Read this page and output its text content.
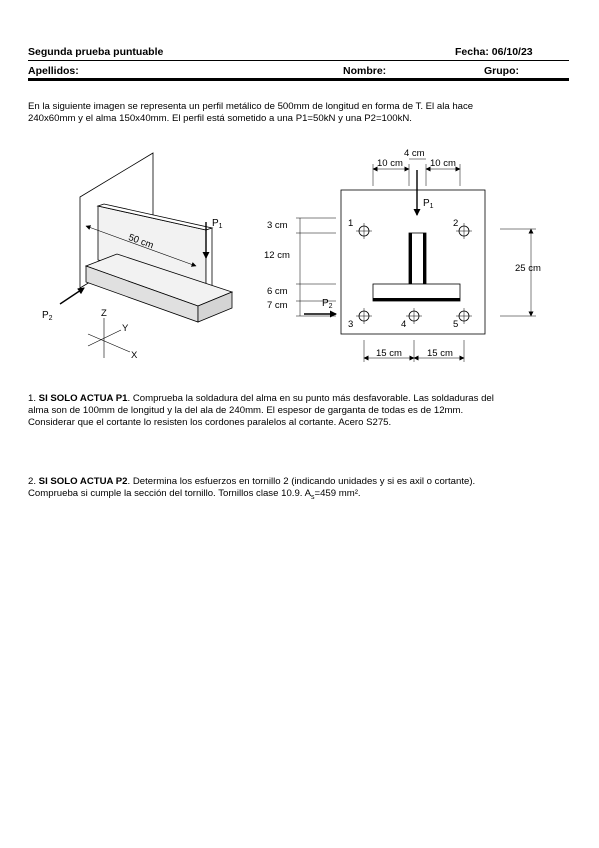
Segunda prueba puntuable	Fecha: 06/10/23
Apellidos:	Nombre:	Grupo:
En la siguiente imagen se representa un perfil metálico de 500mm de longitud en forma de T. El ala hace
240x60mm y el alma 150x40mm. El perfil está sometido a una P1=50kN y una P2=100kN.
50 cm
$P_1$
$P_2$	Z
Y
X
1	2
3	4	5
$P_1$
$P_2$
4 cm
10 cm	10 cm
3 cm
12 cm
6 cm
7 cm
25 cm
15 cm	15 cm
1. SI SOLO ACTUA P1. Comprueba la soldadura del alma en su punto más desfavorable. Las soldaduras del
alma son de 100mm de longitud y la del ala de 240mm. El espesor de garganta de todas es de 12mm.
Considerar que el cortante lo resisten los cordones paralelos al cortante. Acero S275.
2. SI SOLO ACTUA P2. Determina los esfuerzos en tornillo 2 (indicando unidades y si es axil o cortante).
Comprueba si cumple la sección del tornillo. Tornillos clase 10.9. $A_s=459$ mm².
